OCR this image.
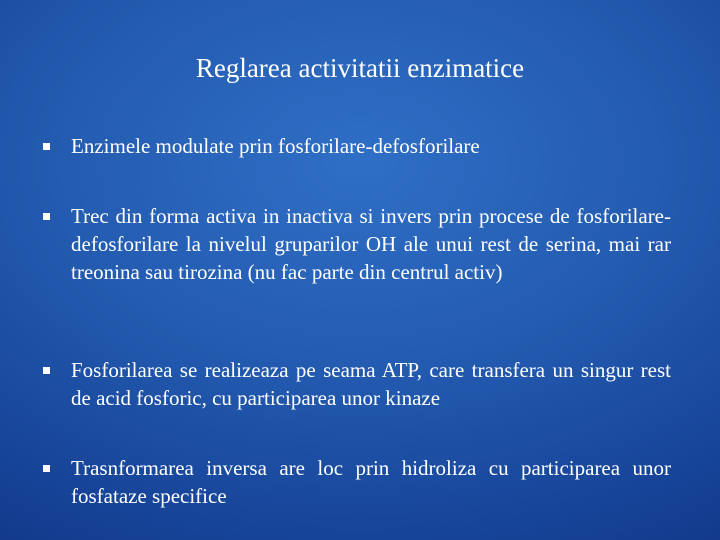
Reglarea activitatii enzimatice

Enzimele modulate prin fosforilare-defosforilare

Trec din forma activa in inactiva si invers prin procese de fosforilare-defosforilare la nivelul gruparilor OH ale unui rest de serina, mai rar treonina sau tirozina (nu fac parte din centrul activ)

Fosforilarea se realizeaza pe seama ATP, care transfera un singur rest de acid fosforic, cu participarea unor kinaze

Trasnformarea inversa are loc prin hidroliza cu participarea unor fosfataze specifice
